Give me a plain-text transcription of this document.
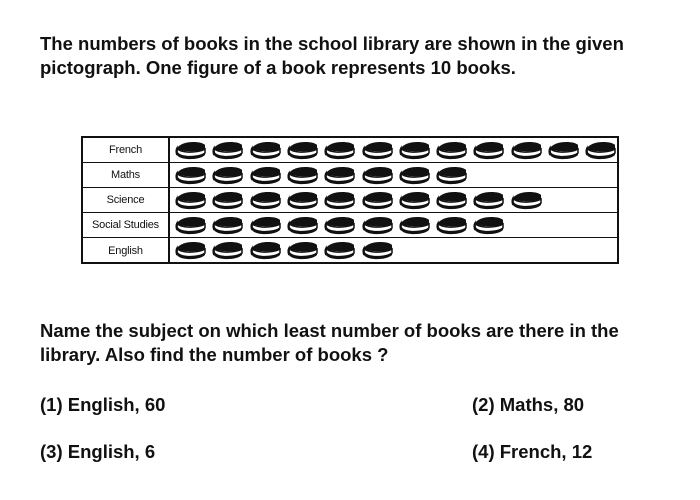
The numbers of books in the school library are shown in the given pictograph. One figure of a book represents 10 books.

French
Maths
Science
Social Studies
English

Name the subject on which least number of books are there in the library. Also find the number of books ?

(1) English, 60	(2) Maths, 80
(3) English, 6	(4) French, 12
